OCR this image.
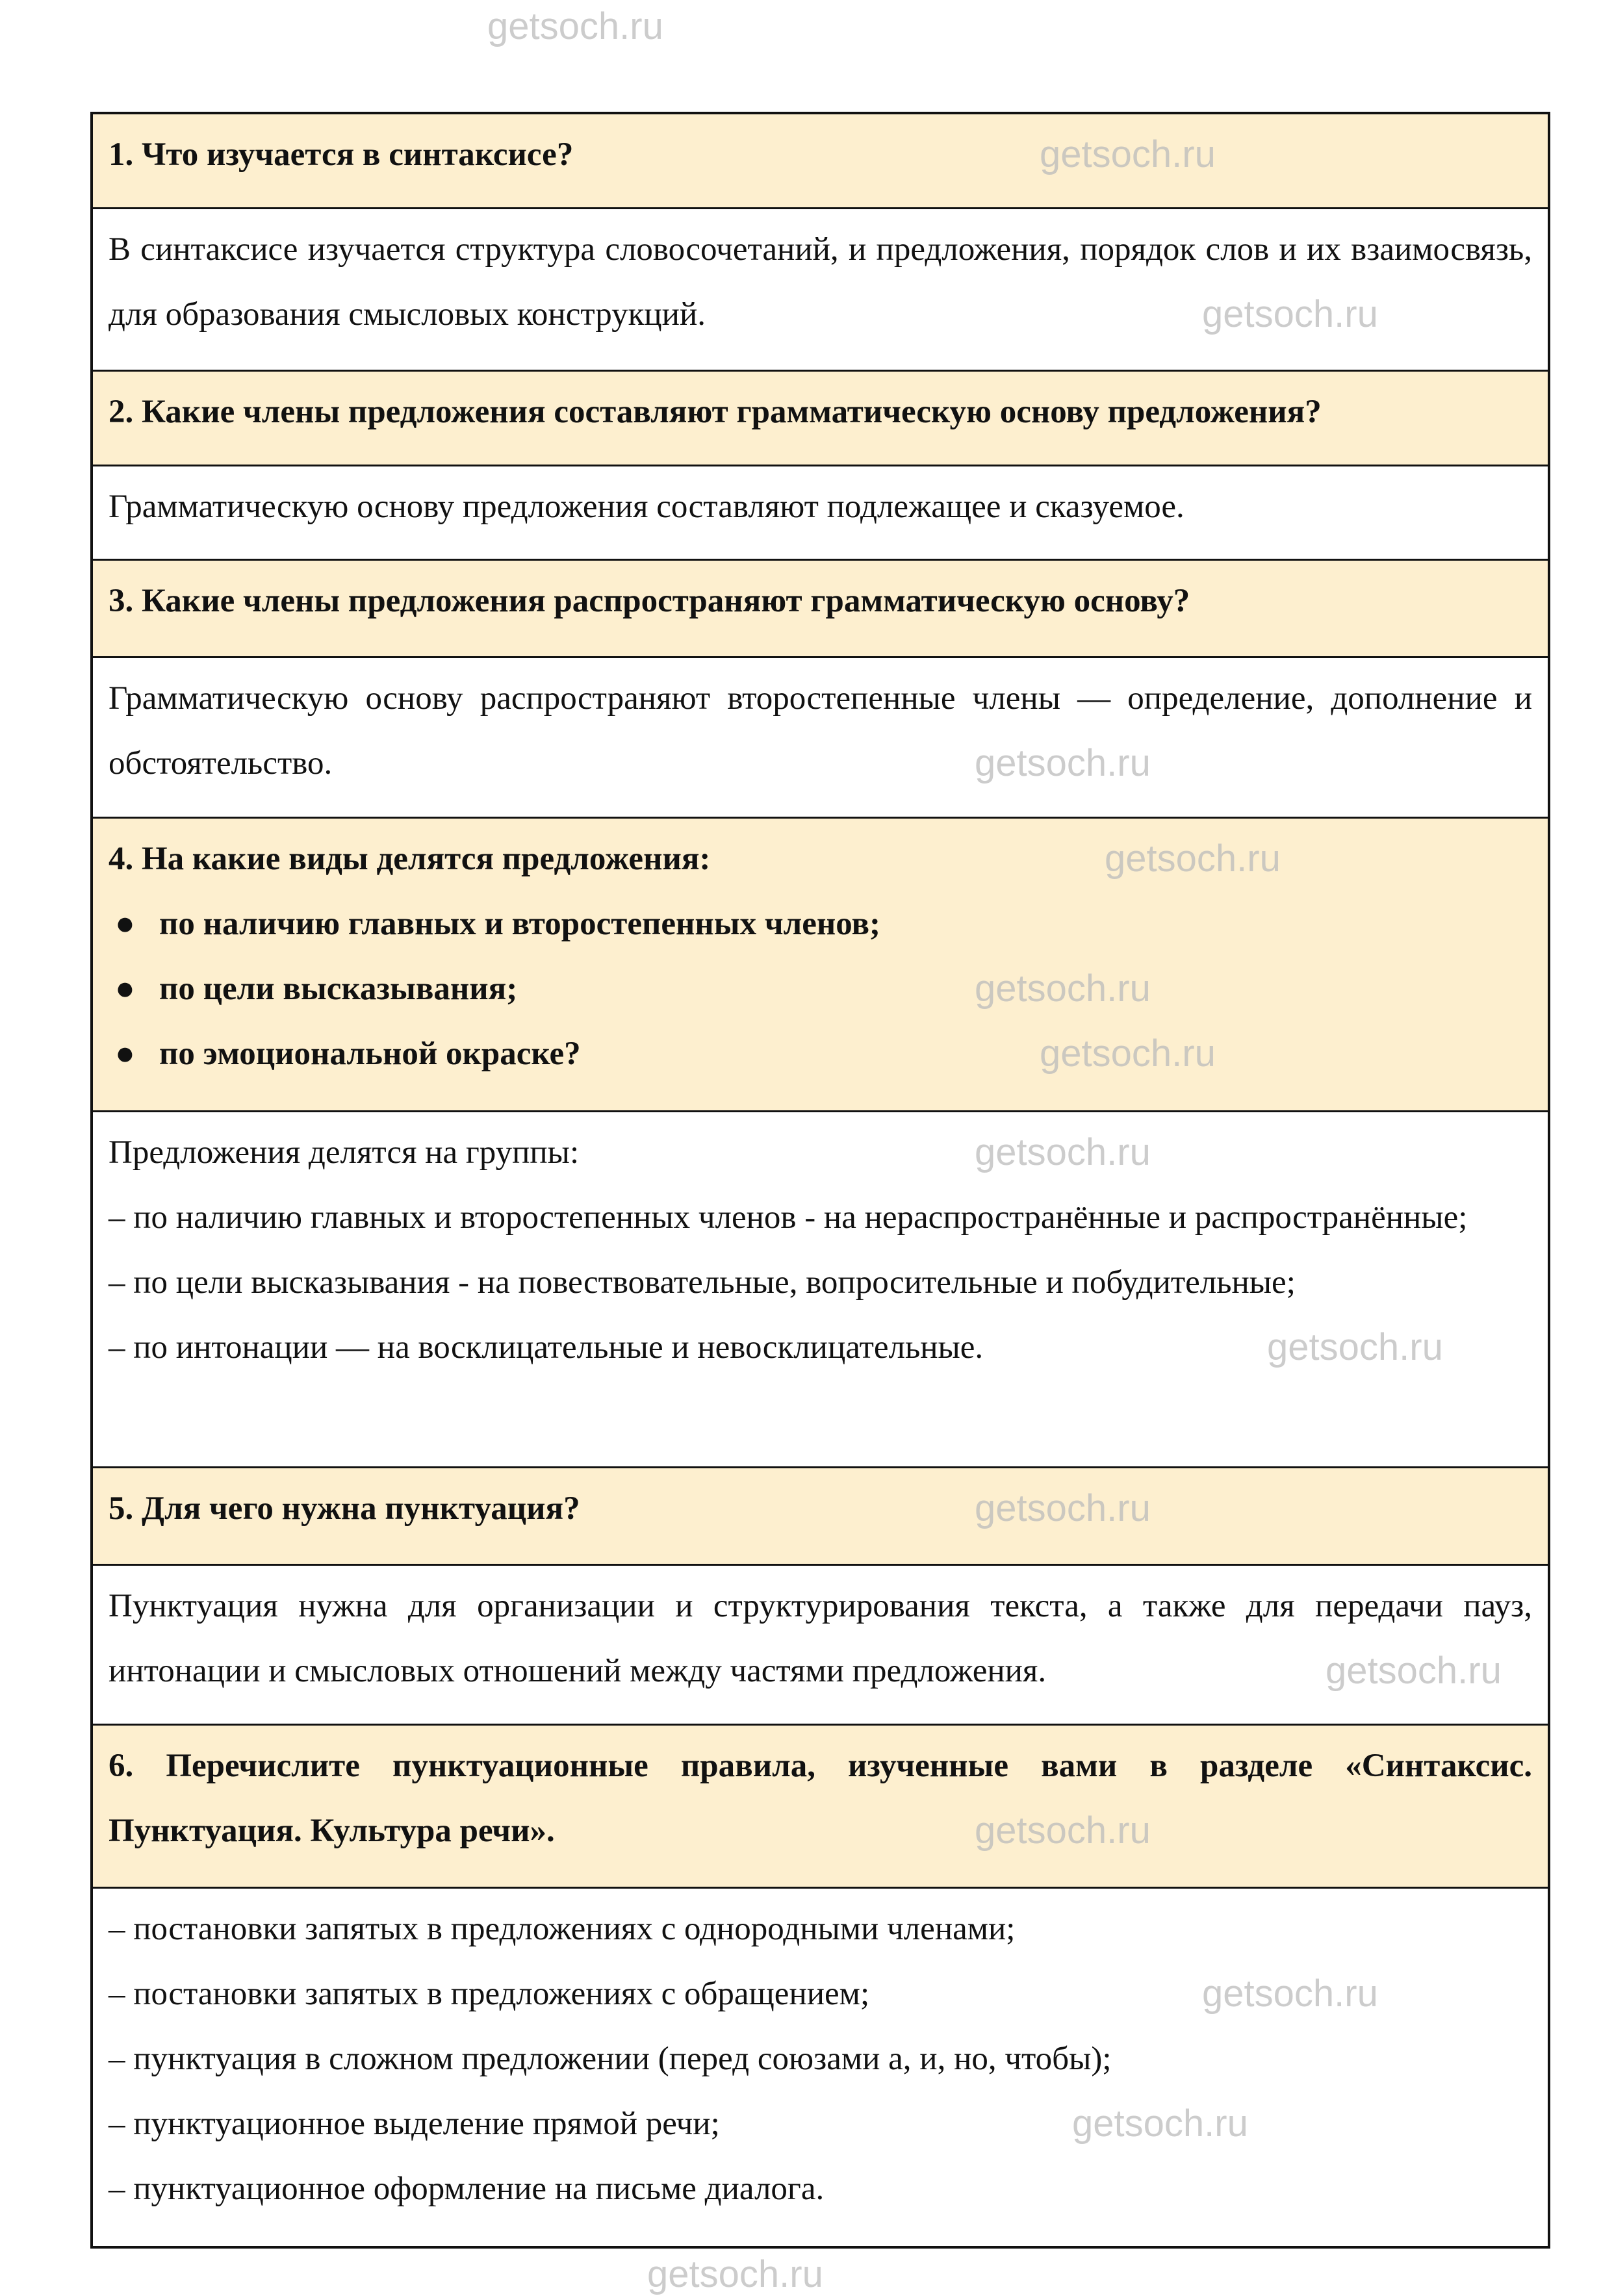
1. Что изучается в синтаксисе?
В синтаксисе изучается структура словосочетаний, и предложения, порядок слов и их взаимосвязь, для образования смысловых конструкций.
2. Какие члены предложения составляют грамматическую основу предложения?
Грамматическую основу предложения составляют подлежащее и сказуемое.
3. Какие члены предложения распространяют грамматическую основу?
Грамматическую основу распространяют второстепенные члены — определение, дополнение и обстоятельство.
4. На какие виды делятся предложения:
● по наличию главных и второстепенных членов;
● по цели высказывания;
● по эмоциональной окраске?
Предложения делятся на группы:
– по наличию главных и второстепенных членов - на нераспространённые и распространённые;
– по цели высказывания - на повествовательные, вопросительные и побудительные;
– по интонации — на восклицательные и невосклицательные.
5. Для чего нужна пунктуация?
Пунктуация нужна для организации и структурирования текста, а также для передачи пауз, интонации и смысловых отношений между частями предложения.
6. Перечислите пунктуационные правила, изученные вами в разделе «Синтаксис. Пунктуация. Культура речи».
– постановки запятых в предложениях с однородными членами;
– постановки запятых в предложениях с обращением;
– пунктуация в сложном предложении (перед союзами а, и, но, чтобы);
– пунктуационное выделение прямой речи;
– пунктуационное оформление на письме диалога.
getsoch.ru
getsoch.ru
getsoch.ru
getsoch.ru
getsoch.ru
getsoch.ru
getsoch.ru
getsoch.ru
getsoch.ru
getsoch.ru
getsoch.ru
getsoch.ru
getsoch.ru
getsoch.ru
getsoch.ru
